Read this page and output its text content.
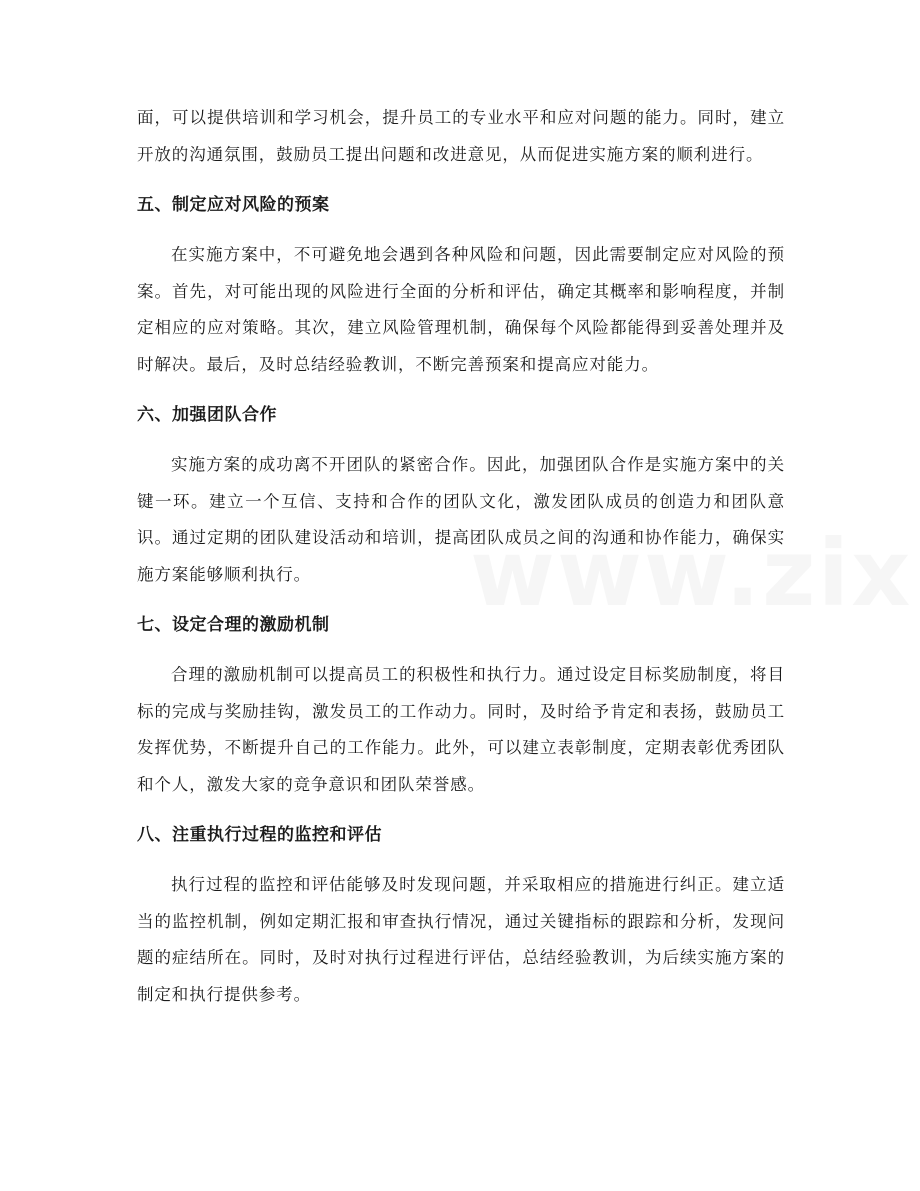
面，可以提供培训和学习机会，提升员工的专业水平和应对问题的能力。同时，建立开放的沟通氛围，鼓励员工提出问题和改进意见，从而促进实施方案的顺利进行。

五、制定应对风险的预案

在实施方案中，不可避免地会遇到各种风险和问题，因此需要制定应对风险的预案。首先，对可能出现的风险进行全面的分析和评估，确定其概率和影响程度，并制定相应的应对策略。其次，建立风险管理机制，确保每个风险都能得到妥善处理并及时解决。最后，及时总结经验教训，不断完善预案和提高应对能力。

六、加强团队合作

实施方案的成功离不开团队的紧密合作。因此，加强团队合作是实施方案中的关键一环。建立一个互信、支持和合作的团队文化，激发团队成员的创造力和团队意识。通过定期的团队建设活动和培训，提高团队成员之间的沟通和协作能力，确保实施方案能够顺利执行。

七、设定合理的激励机制

合理的激励机制可以提高员工的积极性和执行力。通过设定目标奖励制度，将目标的完成与奖励挂钩，激发员工的工作动力。同时，及时给予肯定和表扬，鼓励员工发挥优势，不断提升自己的工作能力。此外，可以建立表彰制度，定期表彰优秀团队和个人，激发大家的竞争意识和团队荣誉感。

八、注重执行过程的监控和评估

执行过程的监控和评估能够及时发现问题，并采取相应的措施进行纠正。建立适当的监控机制，例如定期汇报和审查执行情况，通过关键指标的跟踪和分析，发现问题的症结所在。同时，及时对执行过程进行评估，总结经验教训，为后续实施方案的制定和执行提供参考。
